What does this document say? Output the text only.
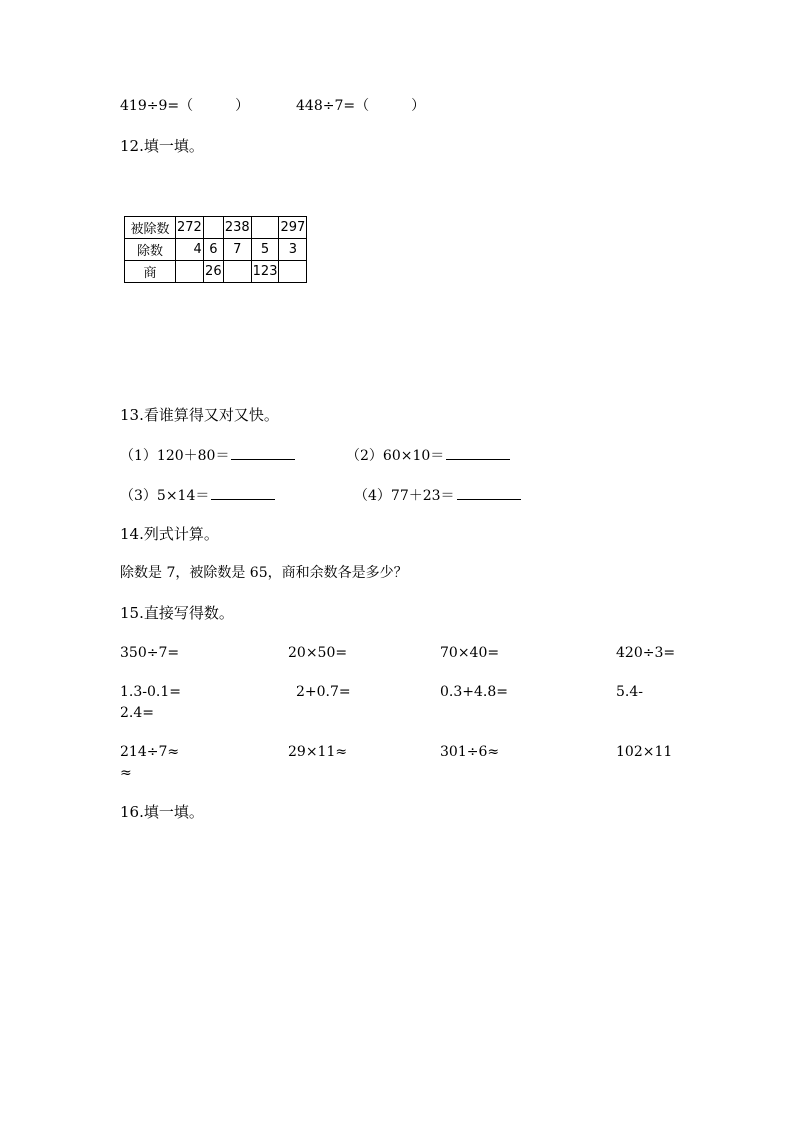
419÷9=（　　　）	448÷7=（　　　）
12.填一填。
被除数	272		238		297
除数	4	6	7	5	3
商		26		123	
13.看谁算得又对又快。
（1）120＋80＝	（2）60×10＝
（3）5×14＝	（4）77＋23＝
14.列式计算。
除数是 7，被除数是 65，商和余数各是多少？
15.直接写得数。
350÷7=	20×50=	70×40=	420÷3=
1.3-0.1=	2+0.7=	0.3+4.8=	5.4-
2.4=
214÷7≈	29×11≈	301÷6≈	102×11
≈
16.填一填。
